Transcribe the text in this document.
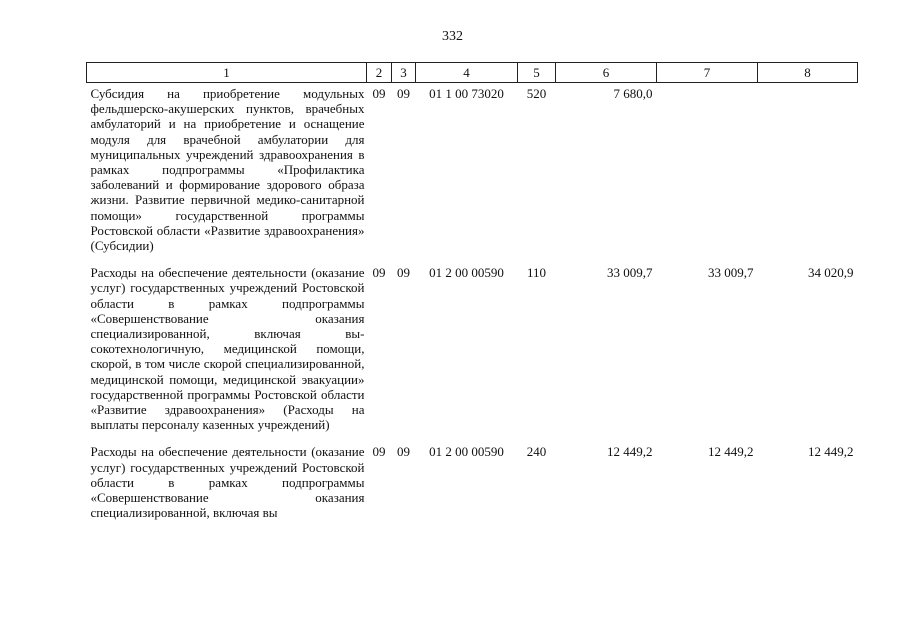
332
1	2	3	4	5	6	7	8
Субсидия на приобретение модульных фельдшерско-акушерских пунктов, врачебных амбулаторий и на приобретение и оснащение модуля для врачебной амбулатории для муниципальных учреждений здравоохранения в рамках подпрограммы «Профилактика заболеваний и формирование здорового образа жизни. Развитие первичной медико-санитарной помощи» государственной программы Ростовской области «Развитие здравоохранения» (Субсидии)	09	09	01 1 00 73020	520	7 680,0		
Расходы на обеспечение деятельности (оказание услуг) государственных учреждений Ростовской области в рамках подпрограммы «Совершенствование оказания специализированной, включая высокотехнологичную, медицинской помощи, скорой, в том числе скорой специализированной, медицинской помощи, медицинской эвакуации» государственной программы Ростовской области «Развитие здравоохранения» (Расходы на выплаты персоналу казенных учреждений)	09	09	01 2 00 00590	110	33 009,7	33 009,7	34 020,9
Расходы на обеспечение деятельности (оказание услуг) государственных учреждений Ростовской области в рамках подпрограммы «Совершенствование оказания специализированной, включая вы	09	09	01 2 00 00590	240	12 449,2	12 449,2	12 449,2
